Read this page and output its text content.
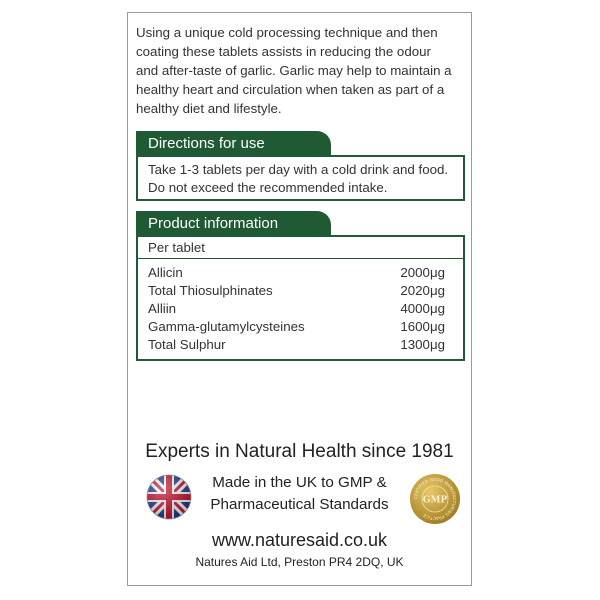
Using a unique cold processing technique and then
coating these tablets assists in reducing the odour
and after-taste of garlic. Garlic may help to maintain a
healthy heart and circulation when taken as part of a
healthy diet and lifestyle.
Directions for use
Take 1-3 tablets per day with a cold drink and food.
Do not exceed the recommended intake.
Product information
Per tablet
Allicin	2000μg
Total Thiosulphinates	2020μg
Alliin	4000μg
Gamma-glutamylcysteines	1600μg
Total Sulphur	1300μg
Experts in Natural Health since 1981
Made in the UK to GMP &
Pharmaceutical Standards	CERTIFIED GOOD MANUFACTURING PRACTICE
GMP
www.naturesaid.co.uk
Natures Aid Ltd, Preston PR4 2DQ, UK
